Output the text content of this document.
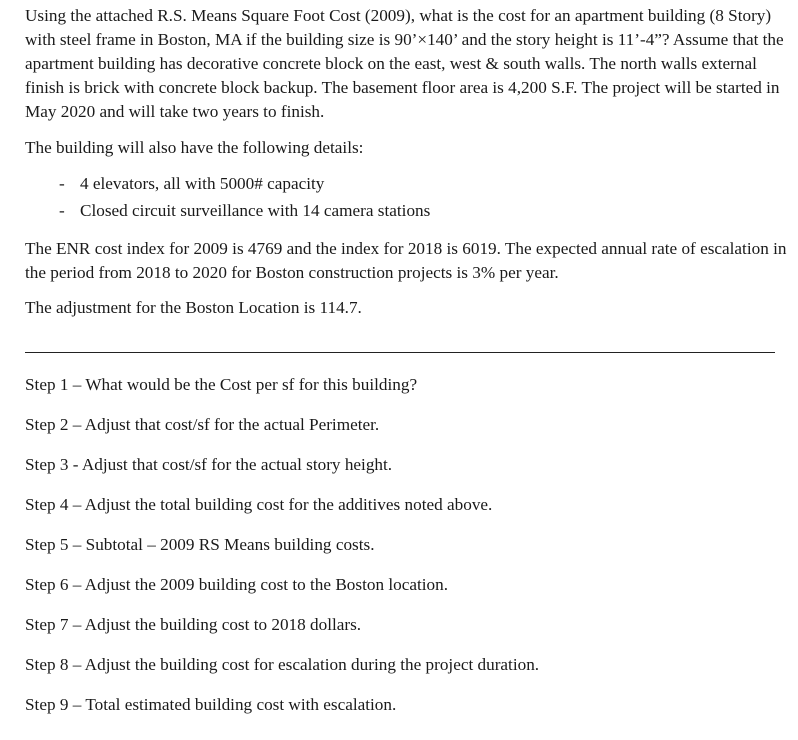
Using the attached R.S. Means Square Foot Cost (2009), what is the cost for an apartment building (8 Story) with steel frame in Boston, MA if the building size is 90’×140’ and the story height is 11’-4”? Assume that the apartment building has decorative concrete block on the east, west & south walls. The north walls external finish is brick with concrete block backup. The basement floor area is 4,200 S.F. The project will be started in May 2020 and will take two years to finish.

The building will also have the following details:

- 4 elevators, all with 5000# capacity
- Closed circuit surveillance with 14 camera stations

The ENR cost index for 2009 is 4769 and the index for 2018 is 6019. The expected annual rate of escalation in the period from 2018 to 2020 for Boston construction projects is 3% per year.

The adjustment for the Boston Location is 114.7.

Step 1 – What would be the Cost per sf for this building?

Step 2 – Adjust that cost/sf for the actual Perimeter.

Step 3 - Adjust that cost/sf for the actual story height.

Step 4 – Adjust the total building cost for the additives noted above.

Step 5 – Subtotal – 2009 RS Means building costs.

Step 6 – Adjust the 2009 building cost to the Boston location.

Step 7 – Adjust the building cost to 2018 dollars.

Step 8 – Adjust the building cost for escalation during the project duration.

Step 9 – Total estimated building cost with escalation.
